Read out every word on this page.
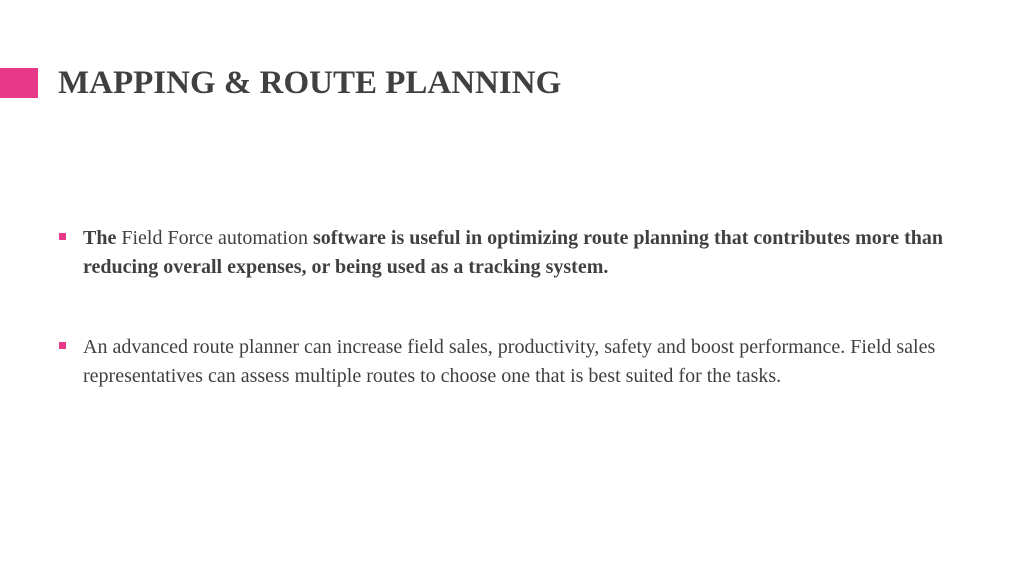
MAPPING & ROUTE PLANNING
The Field Force automation software is useful in optimizing route planning that contributes more than reducing overall expenses, or being used as a tracking system.
An advanced route planner can increase field sales, productivity, safety and boost performance. Field sales representatives can assess multiple routes to choose one that is best suited for the tasks.
